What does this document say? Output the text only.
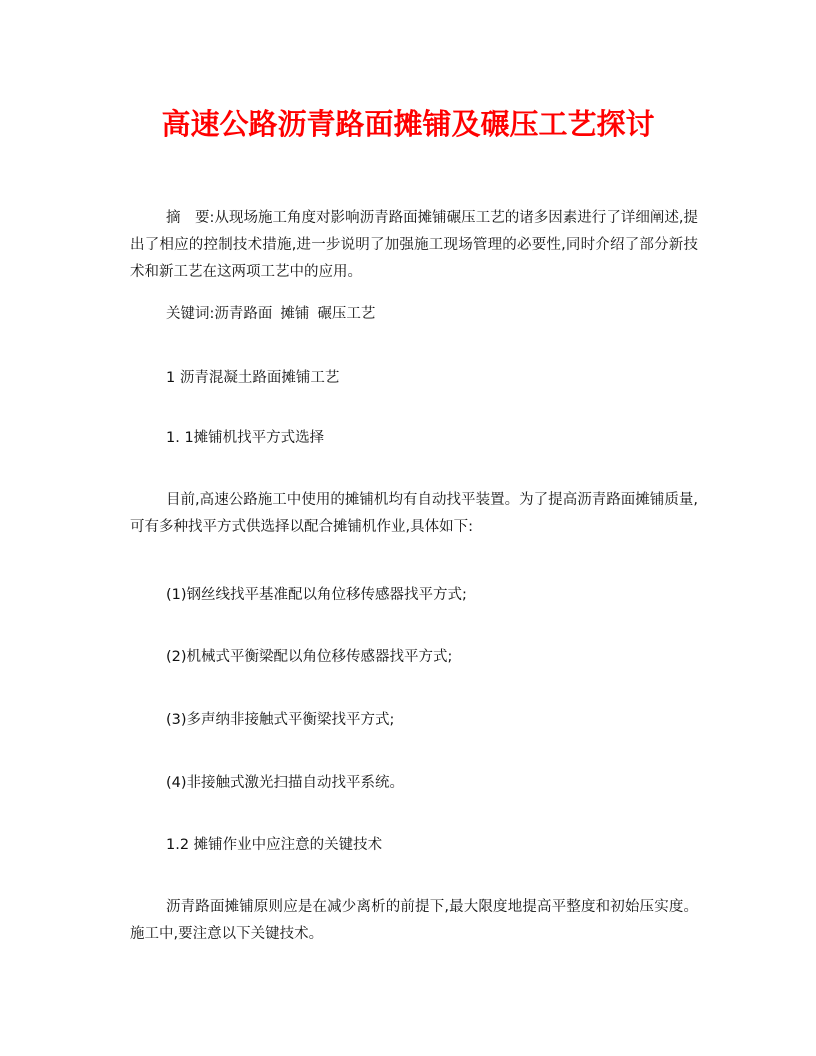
高速公路沥青路面摊铺及碾压工艺探讨

摘　要:从现场施工角度对影响沥青路面摊铺碾压工艺的诸多因素进行了详细阐述,提出了相应的控制技术措施,进一步说明了加强施工现场管理的必要性,同时介绍了部分新技术和新工艺在这两项工艺中的应用。

关键词:沥青路面 摊铺 碾压工艺

1 沥青混凝土路面摊铺工艺

1. 1摊铺机找平方式选择

目前,高速公路施工中使用的摊铺机均有自动找平装置。为了提高沥青路面摊铺质量,可有多种找平方式供选择以配合摊铺机作业,具体如下:

(1)钢丝线找平基准配以角位移传感器找平方式;

(2)机械式平衡梁配以角位移传感器找平方式;

(3)多声纳非接触式平衡梁找平方式;

(4)非接触式激光扫描自动找平系统。

1.2 摊铺作业中应注意的关键技术

沥青路面摊铺原则应是在减少离析的前提下,最大限度地提高平整度和初始压实度。施工中,要注意以下关键技术。
